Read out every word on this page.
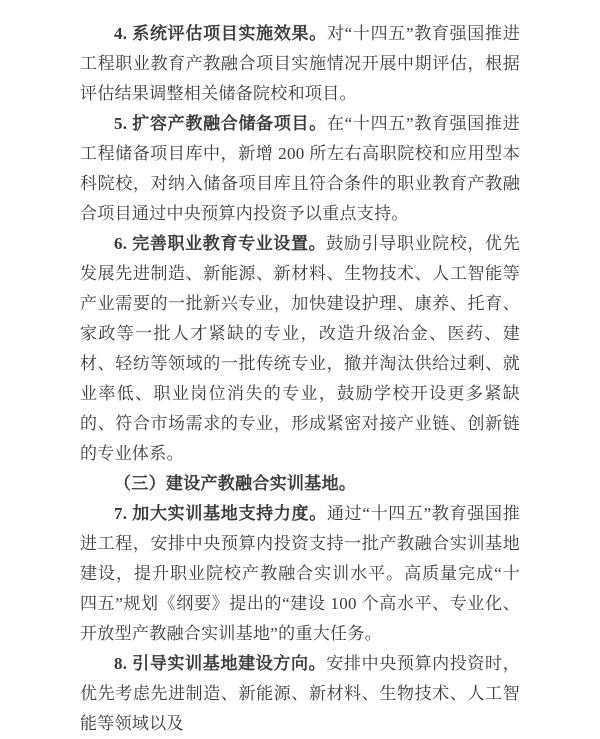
4. 系统评估项目实施效果。对“十四五”教育强国推进工程职业教育产教融合项目实施情况开展中期评估，根据评估结果调整相关储备院校和项目。

5. 扩容产教融合储备项目。在“十四五”教育强国推进工程储备项目库中，新增 200 所左右高职院校和应用型本科院校，对纳入储备项目库且符合条件的职业教育产教融合项目通过中央预算内投资予以重点支持。

6. 完善职业教育专业设置。鼓励引导职业院校，优先发展先进制造、新能源、新材料、生物技术、人工智能等产业需要的一批新兴专业，加快建设护理、康养、托育、家政等一批人才紧缺的专业，改造升级冶金、医药、建材、轻纺等领域的一批传统专业，撤并淘汰供给过剩、就业率低、职业岗位消失的专业，鼓励学校开设更多紧缺的、符合市场需求的专业，形成紧密对接产业链、创新链的专业体系。

（三）建设产教融合实训基地。

7. 加大实训基地支持力度。通过“十四五”教育强国推进工程，安排中央预算内投资支持一批产教融合实训基地建设，提升职业院校产教融合实训水平。高质量完成“十四五”规划《纲要》提出的“建设 100 个高水平、专业化、开放型产教融合实训基地”的重大任务。

8. 引导实训基地建设方向。安排中央预算内投资时，优先考虑先进制造、新能源、新材料、生物技术、人工智能等领域以及
